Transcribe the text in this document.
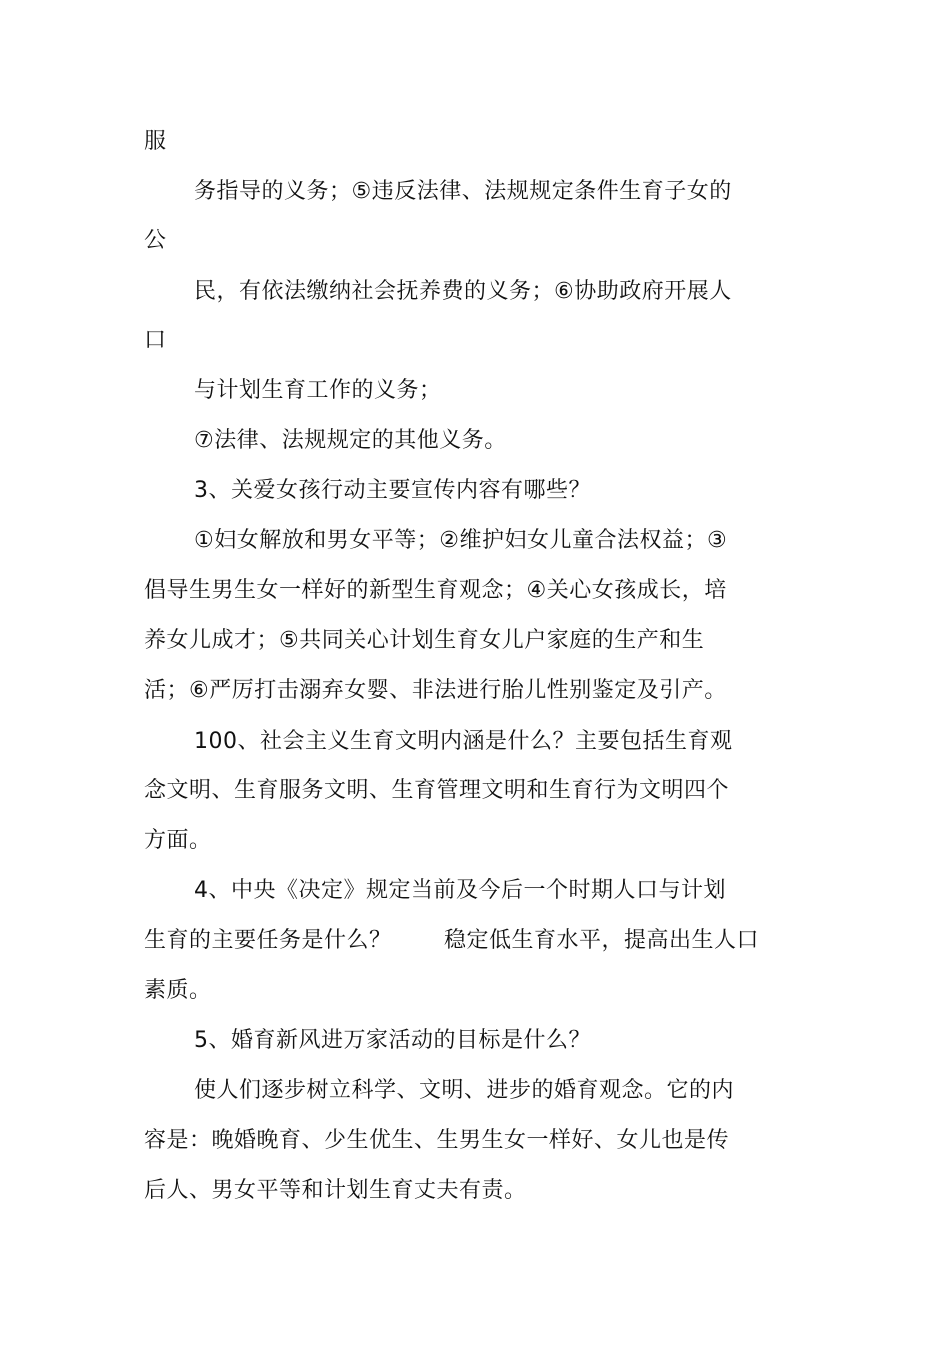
服
务指导的义务；⑤违反法律、法规规定条件生育子女的
公
民，有依法缴纳社会抚养费的义务；⑥协助政府开展人
口
与计划生育工作的义务；
⑦法律、法规规定的其他义务。
3、关爱女孩行动主要宣传内容有哪些？
①妇女解放和男女平等；②维护妇女儿童合法权益；③
倡导生男生女一样好的新型生育观念；④关心女孩成长，培
养女儿成才；⑤共同关心计划生育女儿户家庭的生产和生
活；⑥严厉打击溺弃女婴、非法进行胎儿性别鉴定及引产。
100、社会主义生育文明内涵是什么？主要包括生育观
念文明、生育服务文明、生育管理文明和生育行为文明四个
方面。
4、中央《决定》规定当前及今后一个时期人口与计划
生育的主要任务是什么？　　 稳定低生育水平，提高出生人口
素质。
5、婚育新风进万家活动的目标是什么？
使人们逐步树立科学、文明、进步的婚育观念。它的内
容是：晚婚晚育、少生优生、生男生女一样好、女儿也是传
后人、男女平等和计划生育丈夫有责。
